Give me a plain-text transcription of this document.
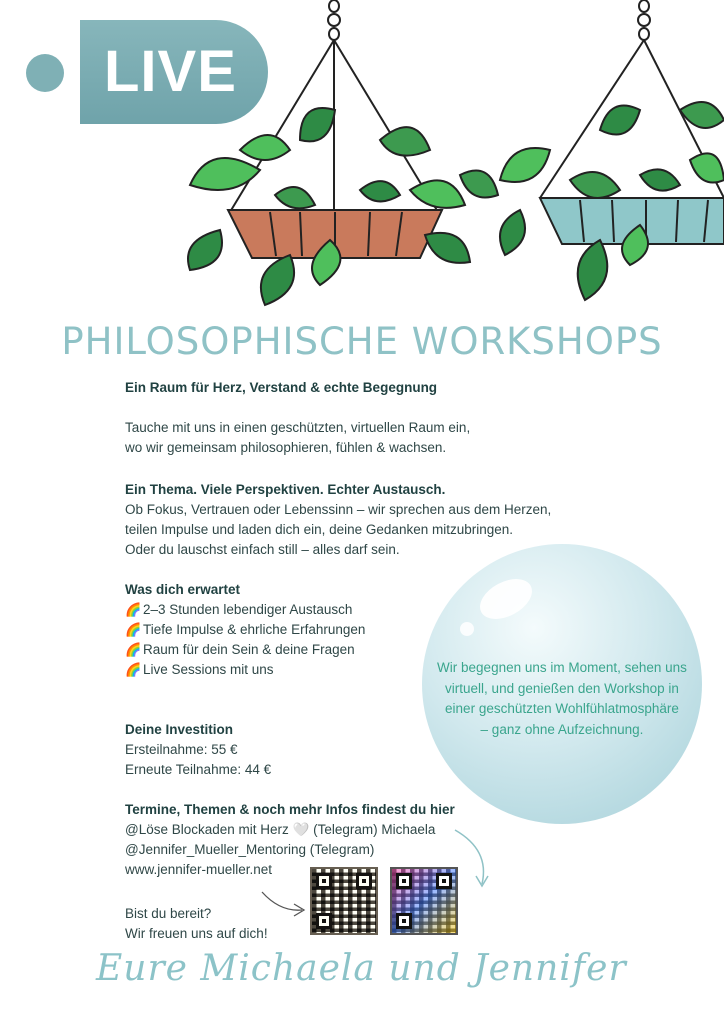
LIVE
PHILOSOPHISCHE WORKSHOPS
Ein Raum für Herz, Verstand & echte Begegnung
Tauche mit uns in einen geschützten, virtuellen Raum ein,
wo wir gemeinsam philosophieren, fühlen & wachsen.
Ein Thema. Viele Perspektiven. Echter Austausch.
Ob Fokus, Vertrauen oder Lebenssinn – wir sprechen aus dem Herzen,
teilen Impulse und laden dich ein, deine Gedanken mitzubringen.
Oder du lauschst einfach still – alles darf sein.
Was dich erwartet
🌈 2–3 Stunden lebendiger Austausch
🌈 Tiefe Impulse & ehrliche Erfahrungen
🌈 Raum für dein Sein & deine Fragen
🌈 Live Sessions mit uns	Wir begegnen uns im Moment, sehen uns
virtuell, und genießen den Workshop in
einer geschützten Wohlfühlatmosphäre
– ganz ohne Aufzeichnung.
Deine Investition
Ersteilnahme: 55 €
Erneute Teilnahme: 44 €
Termine, Themen & noch mehr Infos findest du hier
@Löse Blockaden mit Herz 🤍 (Telegram) Michaela
@Jennifer_Mueller_Mentoring (Telegram)
www.jennifer-mueller.net
Bist du bereit?
Wir freuen uns auf dich!
Eure Michaela und Jennifer
